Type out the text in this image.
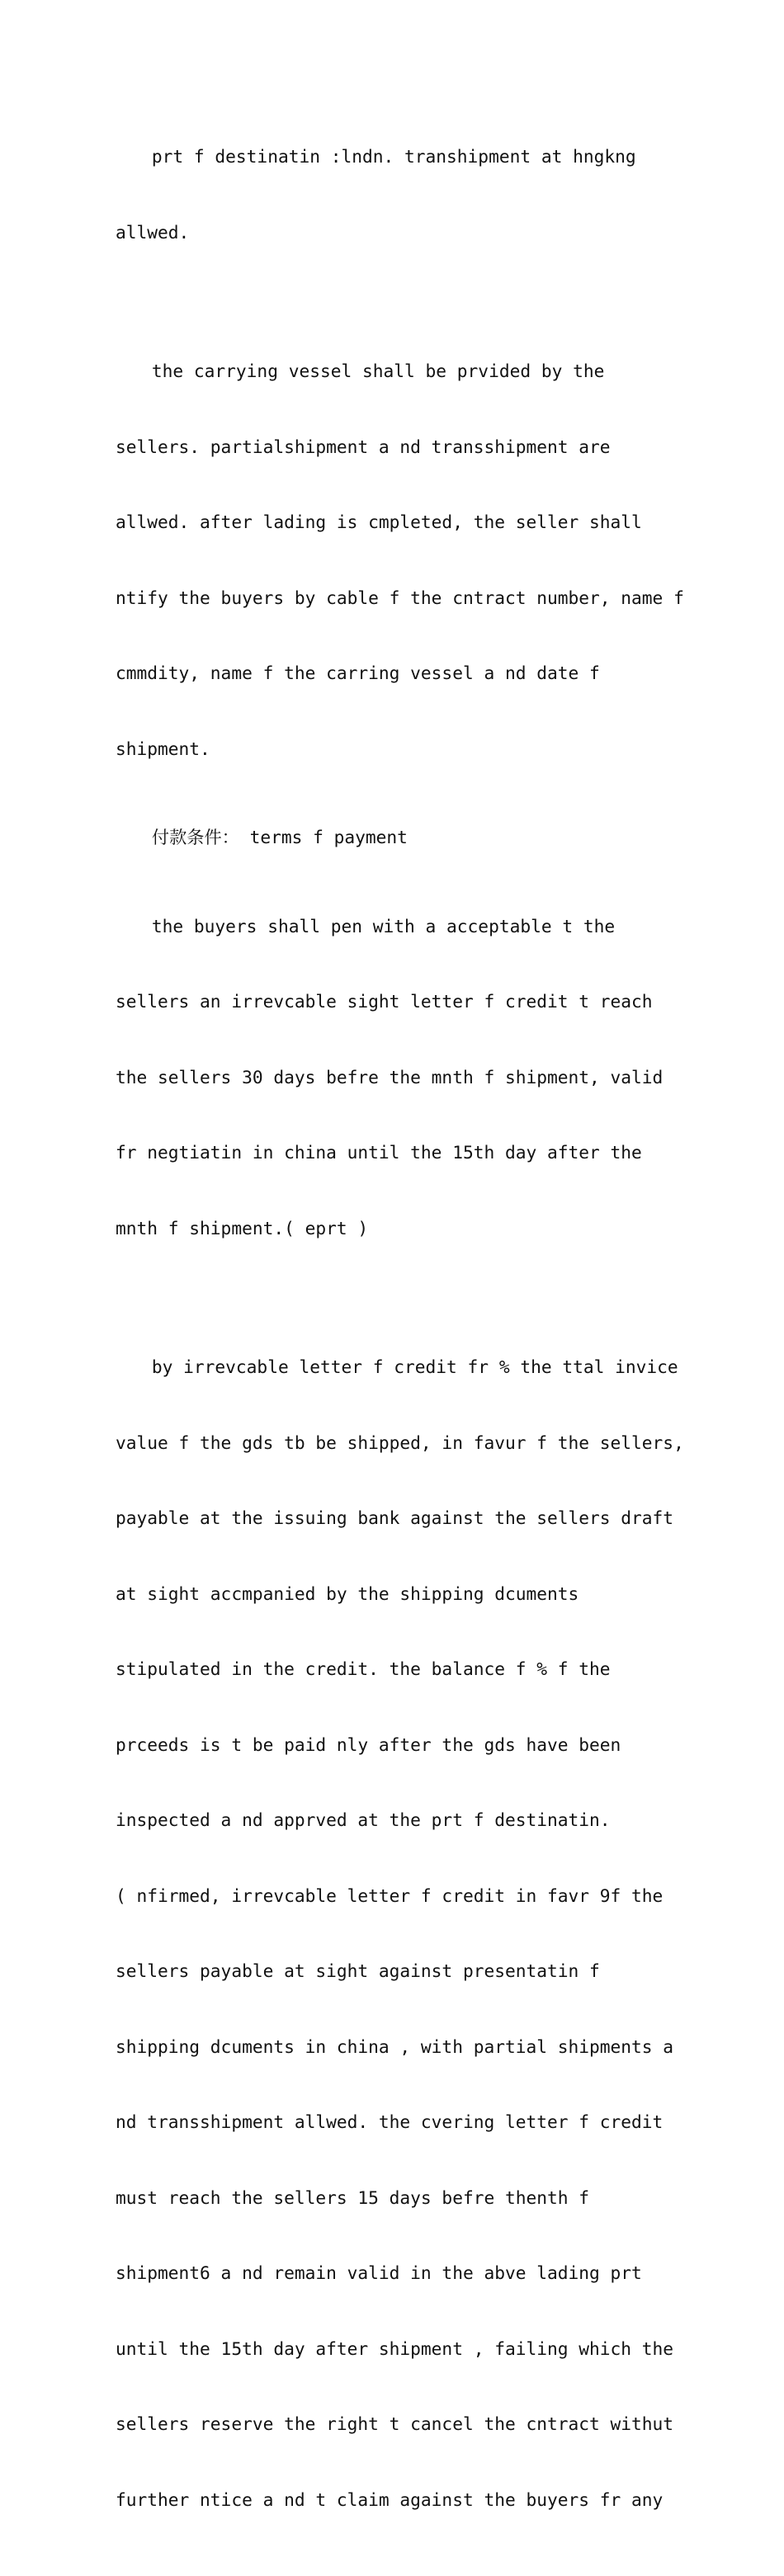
prt f destinatin :lndn. transhipment at hngkng

allwed.

the carrying vessel shall be prvided by the

sellers. partialshipment a nd transshipment are

allwed. after lading is cmpleted, the seller shall

ntify the buyers by cable f the cntract number, name f

cmmdity, name f the carring vessel a nd date f

shipment.

付款条件： terms f payment

the buyers shall pen with a acceptable t the

sellers an irrevcable sight letter f credit t reach

the sellers 30 days befre the mnth f shipment, valid

fr negtiatin in china until the 15th day after the

mnth f shipment.( eprt )

by irrevcable letter f credit fr % the ttal invice

value f the gds tb be shipped, in favur f the sellers,

payable at the issuing bank against the sellers draft

at sight accmpanied by the shipping dcuments

stipulated in the credit. the balance f % f the

prceeds is t be paid nly after the gds have been

inspected a nd apprved at the prt f destinatin.

( nfirmed, irrevcable letter f credit in favr 9f the

sellers payable at sight against presentatin f

shipping dcuments in china , with partial shipments a

nd transshipment allwed. the cvering letter f credit

must reach the sellers 15 days befre thenth f

shipment6 a nd remain valid in the abve lading prt

until the 15th day after shipment , failing which the

sellers reserve the right t cancel the cntract withut

further ntice a nd t claim against the buyers fr any
